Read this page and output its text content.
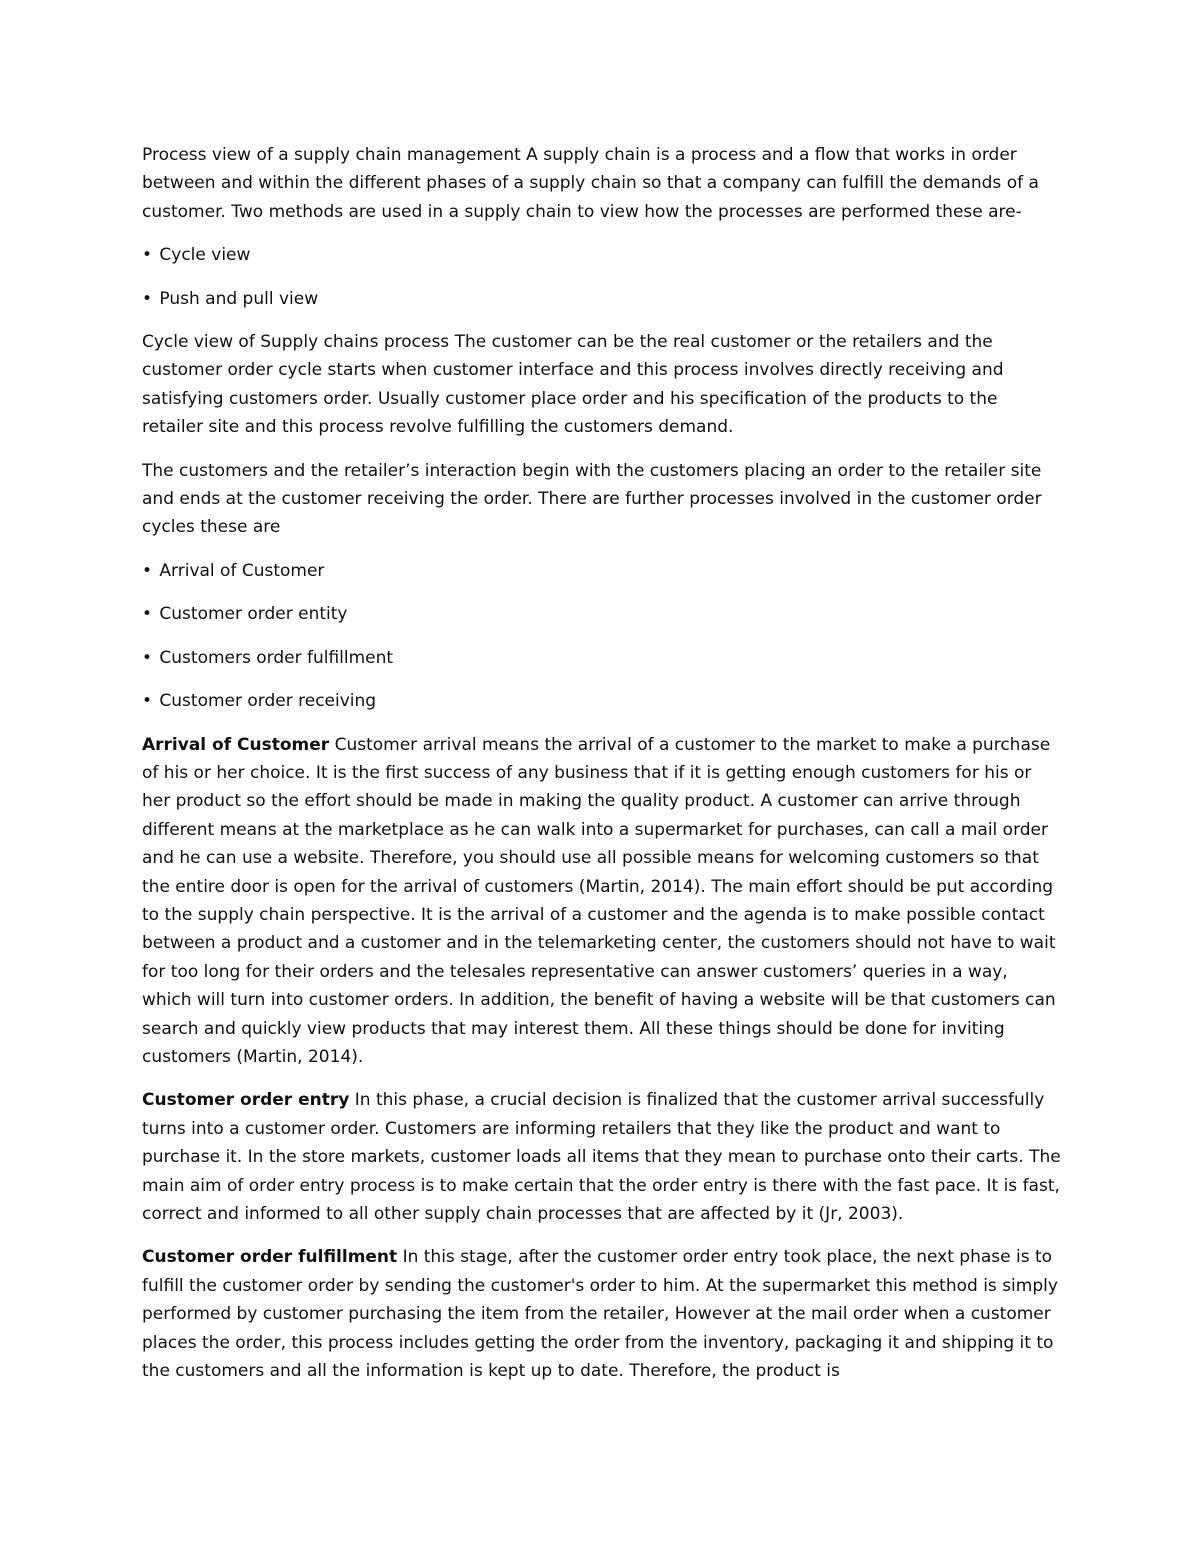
Process view of a supply chain management A supply chain is a process and a flow that works in order between and within the different phases of a supply chain so that a company can fulfill the demands of a customer. Two methods are used in a supply chain to view how the processes are performed these are-

• Cycle view
• Push and pull view

Cycle view of Supply chains process The customer can be the real customer or the retailers and the customer order cycle starts when customer interface and this process involves directly receiving and satisfying customers order. Usually customer place order and his specification of the products to the retailer site and this process revolve fulfilling the customers demand.

The customers and the retailer’s interaction begin with the customers placing an order to the retailer site and ends at the customer receiving the order. There are further processes involved in the customer order cycles these are

• Arrival of Customer
• Customer order entity
• Customers order fulfillment
• Customer order receiving

Arrival of Customer Customer arrival means the arrival of a customer to the market to make a purchase of his or her choice. It is the first success of any business that if it is getting enough customers for his or her product so the effort should be made in making the quality product. A customer can arrive through different means at the marketplace as he can walk into a supermarket for purchases, can call a mail order and he can use a website. Therefore, you should use all possible means for welcoming customers so that the entire door is open for the arrival of customers (Martin, 2014). The main effort should be put according to the supply chain perspective. It is the arrival of a customer and the agenda is to make possible contact between a product and a customer and in the telemarketing center, the customers should not have to wait for too long for their orders and the telesales representative can answer customers’ queries in a way, which will turn into customer orders. In addition, the benefit of having a website will be that customers can search and quickly view products that may interest them. All these things should be done for inviting customers (Martin, 2014).

Customer order entry In this phase, a crucial decision is finalized that the customer arrival successfully turns into a customer order. Customers are informing retailers that they like the product and want to purchase it. In the store markets, customer loads all items that they mean to purchase onto their carts. The main aim of order entry process is to make certain that the order entry is there with the fast pace. It is fast, correct and informed to all other supply chain processes that are affected by it (Jr, 2003).

Customer order fulfillment In this stage, after the customer order entry took place, the next phase is to fulfill the customer order by sending the customer's order to him. At the supermarket this method is simply performed by customer purchasing the item from the retailer, However at the mail order when a customer places the order, this process includes getting the order from the inventory, packaging it and shipping it to the customers and all the information is kept up to date. Therefore, the product is
